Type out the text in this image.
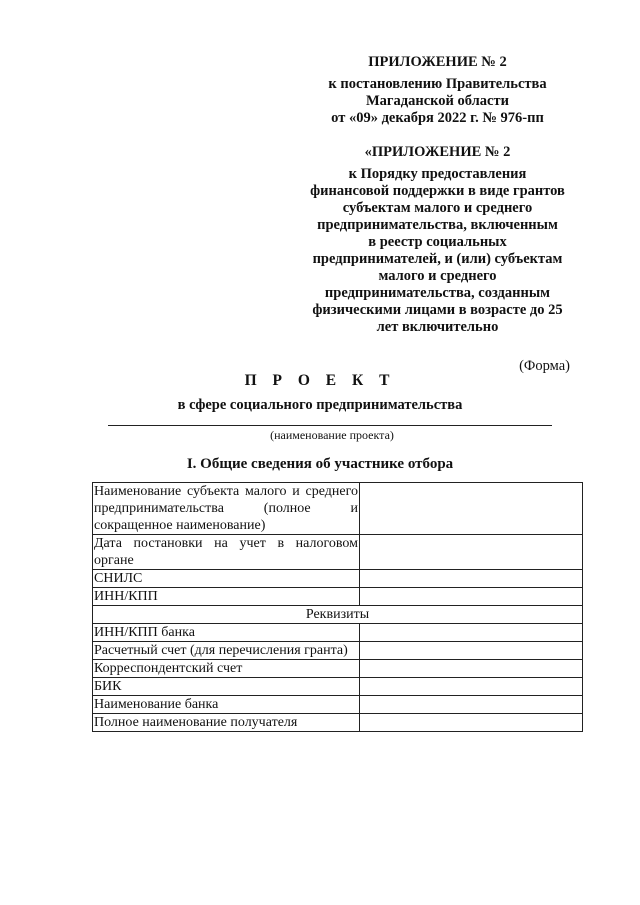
ПРИЛОЖЕНИЕ № 2
к постановлению Правительства
Магаданской области
от «09» декабря 2022 г. № 976-пп
«ПРИЛОЖЕНИЕ № 2
к Порядку предоставления
финансовой поддержки в виде грантов
субъектам малого и среднего
предпринимательства, включенным
в реестр социальных
предпринимателей, и (или) субъектам
малого и среднего
предпринимательства, созданным
физическими лицами в возрасте до 25
лет включительно
(Форма)
П Р О Е К Т
в сфере социального предпринимательства
(наименование проекта)
I. Общие сведения об участнике отбора
Наименование субъекта малого и среднего предпринимательства (полное и сокращенное наименование)	
Дата постановки на учет в налоговом органе	
СНИЛС	
ИНН/КПП	
Реквизиты	
ИНН/КПП банка	
Расчетный счет (для перечисления гранта)	
Корреспондентский счет	
БИК	
Наименование банка	
Полное наименование получателя	
